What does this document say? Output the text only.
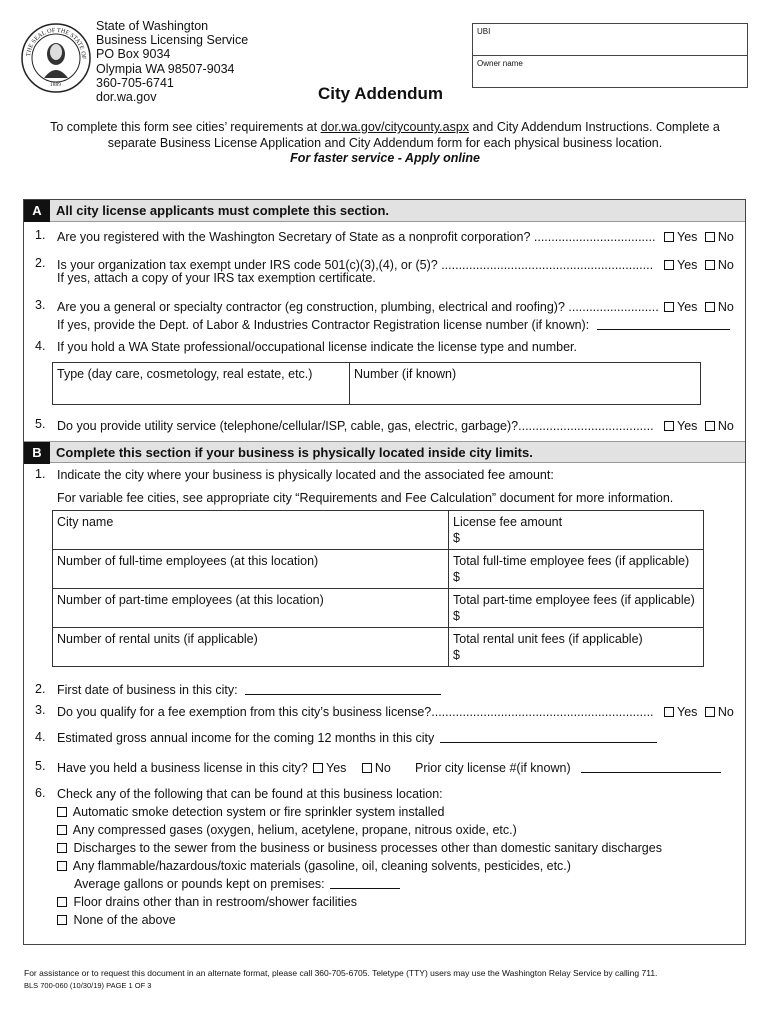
THE SEAL OF THE STATE OF
1889
State of Washington
Business Licensing Service
PO Box 9034
Olympia WA 98507-9034
360-705-6741
dor.wa.gov
UBI
Owner name
City Addendum
To complete this form see cities’ requirements at dor.wa.gov/citycounty.aspx and City Addendum Instructions. Complete a
separate Business License Application and City Addendum form for each physical business location.
For faster service - Apply online
A	All city license applicants must complete this section.
1. Are you registered with the Washington Secretary of State as a nonprofit corporation? ...................................	Yes No
2. Is your organization tax exempt under IRS code 501(c)(3),(4), or (5)? .............................................................
If yes, attach a copy of your IRS tax exemption certificate.
Yes No
3. Are you a general or specialty contractor (eg construction, plumbing, electrical and roofing)? ..........................	Yes No
If yes, provide the Dept. of Labor & Industries Contractor Registration license number (if known):
4. If you hold a WA State professional/occupational license indicate the license type and number.
Type (day care, cosmetology, real estate, etc.)	Number (if known)
5. Do you provide utility service (telephone/cellular/ISP, cable, gas, electric, garbage)?.......................................	Yes No
B	Complete this section if your business is physically located inside city limits.
1. Indicate the city where your business is physically located and the associated fee amount:
For variable fee cities, see appropriate city “Requirements and Fee Calculation” document for more information.
City name	License fee amount
$

Number of full-time employees (at this location)	Total full-time employee fees (if applicable)
$

Number of part-time employees (at this location)	Total part-time employee fees (if applicable)
$

Number of rental units (if applicable)	Total rental unit fees (if applicable)
$
2. First date of business in this city:
3. Do you qualify for a fee exemption from this city’s business license?................................................................	Yes No
4. Estimated gross annual income for the coming 12 months in this city
5. Have you held a business license in this city?	Yes No Prior city license #(if known)
6. Check any of the following that can be found at this business location:
Automatic smoke detection system or fire sprinkler system installed
Any compressed gases (oxygen, helium, acetylene, propane, nitrous oxide, etc.)
Discharges to the sewer from the business or business processes other than domestic sanitary discharges
Any flammable/hazardous/toxic materials (gasoline, oil, cleaning solvents, pesticides, etc.)
Average gallons or pounds kept on premises:
Floor drains other than in restroom/shower facilities
None of the above
For assistance or to request this document in an alternate format, please call 360-705-6705. Teletype (TTY) users may use the Washington Relay Service by calling 711.
BLS 700-060 (10/30/19) PAGE 1 OF 3
